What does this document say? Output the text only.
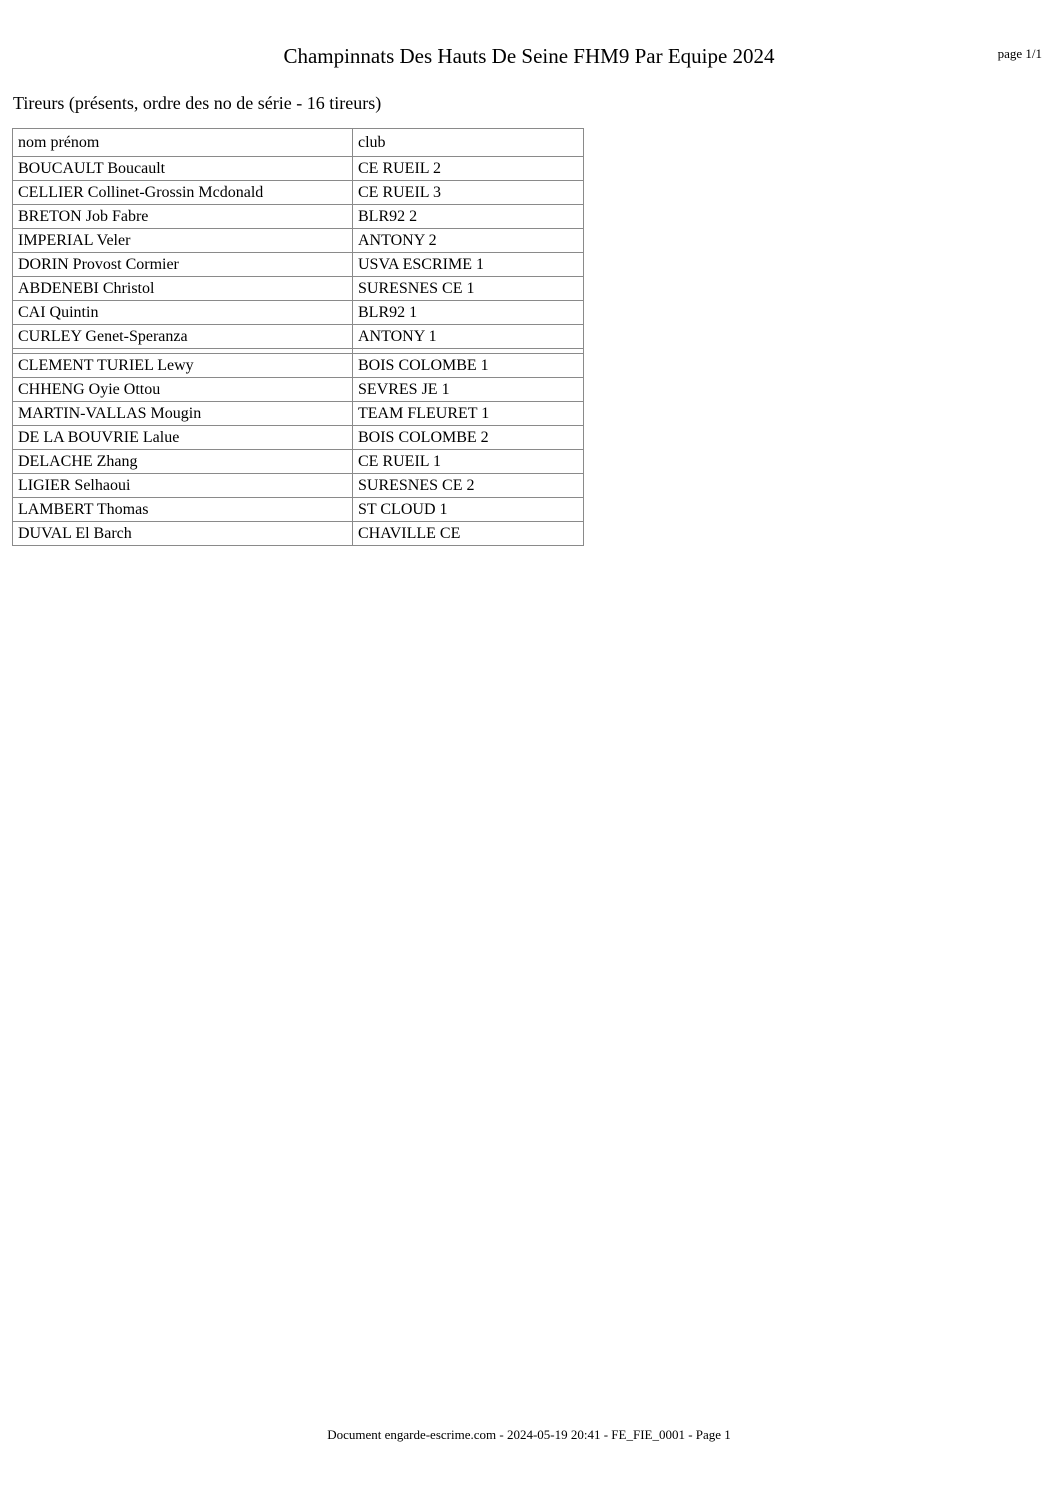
Champinnats Des Hauts De Seine FHM9 Par Equipe 2024	page 1/1
Tireurs (présents, ordre des no de série - 16 tireurs)
nom prénom	club
BOUCAULT Boucault	CE RUEIL 2
CELLIER Collinet-Grossin Mcdonald	CE RUEIL 3
BRETON Job Fabre	BLR92 2
IMPERIAL Veler	ANTONY 2
DORIN Provost Cormier	USVA ESCRIME 1
ABDENEBI Christol	SURESNES CE 1
CAI Quintin	BLR92 1
CURLEY Genet-Speranza	ANTONY 1

CLEMENT TURIEL Lewy	BOIS COLOMBE 1
CHHENG Oyie Ottou	SEVRES JE 1
MARTIN-VALLAS Mougin	TEAM FLEURET 1
DE LA BOUVRIE Lalue	BOIS COLOMBE 2
DELACHE Zhang	CE RUEIL 1
LIGIER Selhaoui	SURESNES CE 2
LAMBERT Thomas	ST CLOUD 1
DUVAL El Barch	CHAVILLE CE
Document engarde-escrime.com - 2024-05-19 20:41 - FE_FIE_0001 - Page 1
